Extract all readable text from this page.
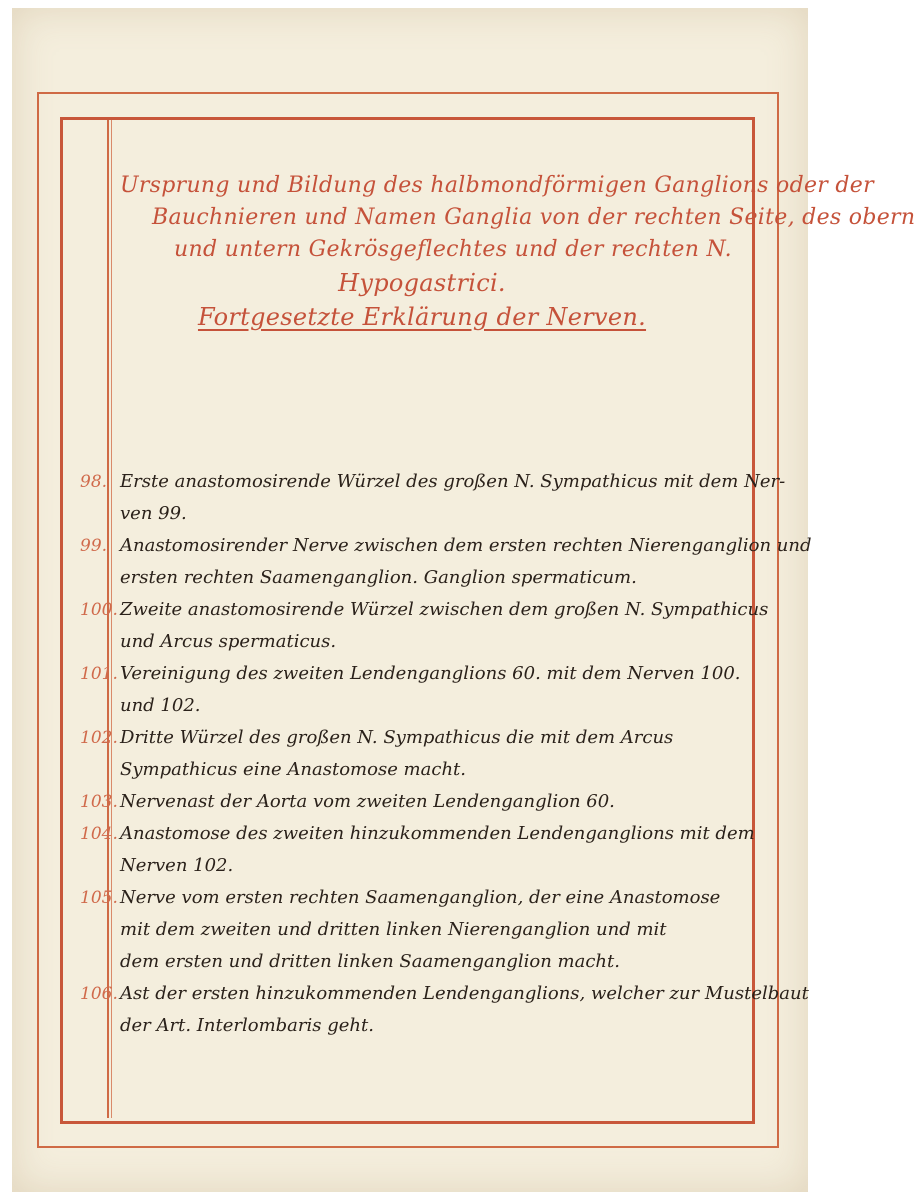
Ursprung und Bildung des halbmondförmigen Ganglions oder der
Bauchnieren und Namen Ganglia von der rechten Seite, des obern
und untern Gekrösgeflechtes und der rechten N.
Hypogastrici.
Fortgesetzte Erklärung der Nerven.
98. Erste anastomosirende Würzel des großen N. Sympathicus mit dem Ner-
ven 99.
99. Anastomosirender Nerve zwischen dem ersten rechten Nierenganglion und
ersten rechten Saamenganglion. Ganglion spermaticum.
100. Zweite anastomosirende Würzel zwischen dem großen N. Sympathicus
und Arcus spermaticus.
101. Vereinigung des zweiten Lendenganglions 60. mit dem Nerven 100.
und 102.
102. Dritte Würzel des großen N. Sympathicus die mit dem Arcus
Sympathicus eine Anastomose macht.
103. Nervenast der Aorta vom zweiten Lendenganglion 60.
104. Anastomose des zweiten hinzukommenden Lendenganglions mit dem
Nerven 102.
105. Nerve vom ersten rechten Saamenganglion, der eine Anastomose
mit dem zweiten und dritten linken Nierenganglion und mit
dem ersten und dritten linken Saamenganglion macht.
106. Ast der ersten hinzukommenden Lendenganglions, welcher zur Mustelbaut
der Art. Interlombaris geht.
